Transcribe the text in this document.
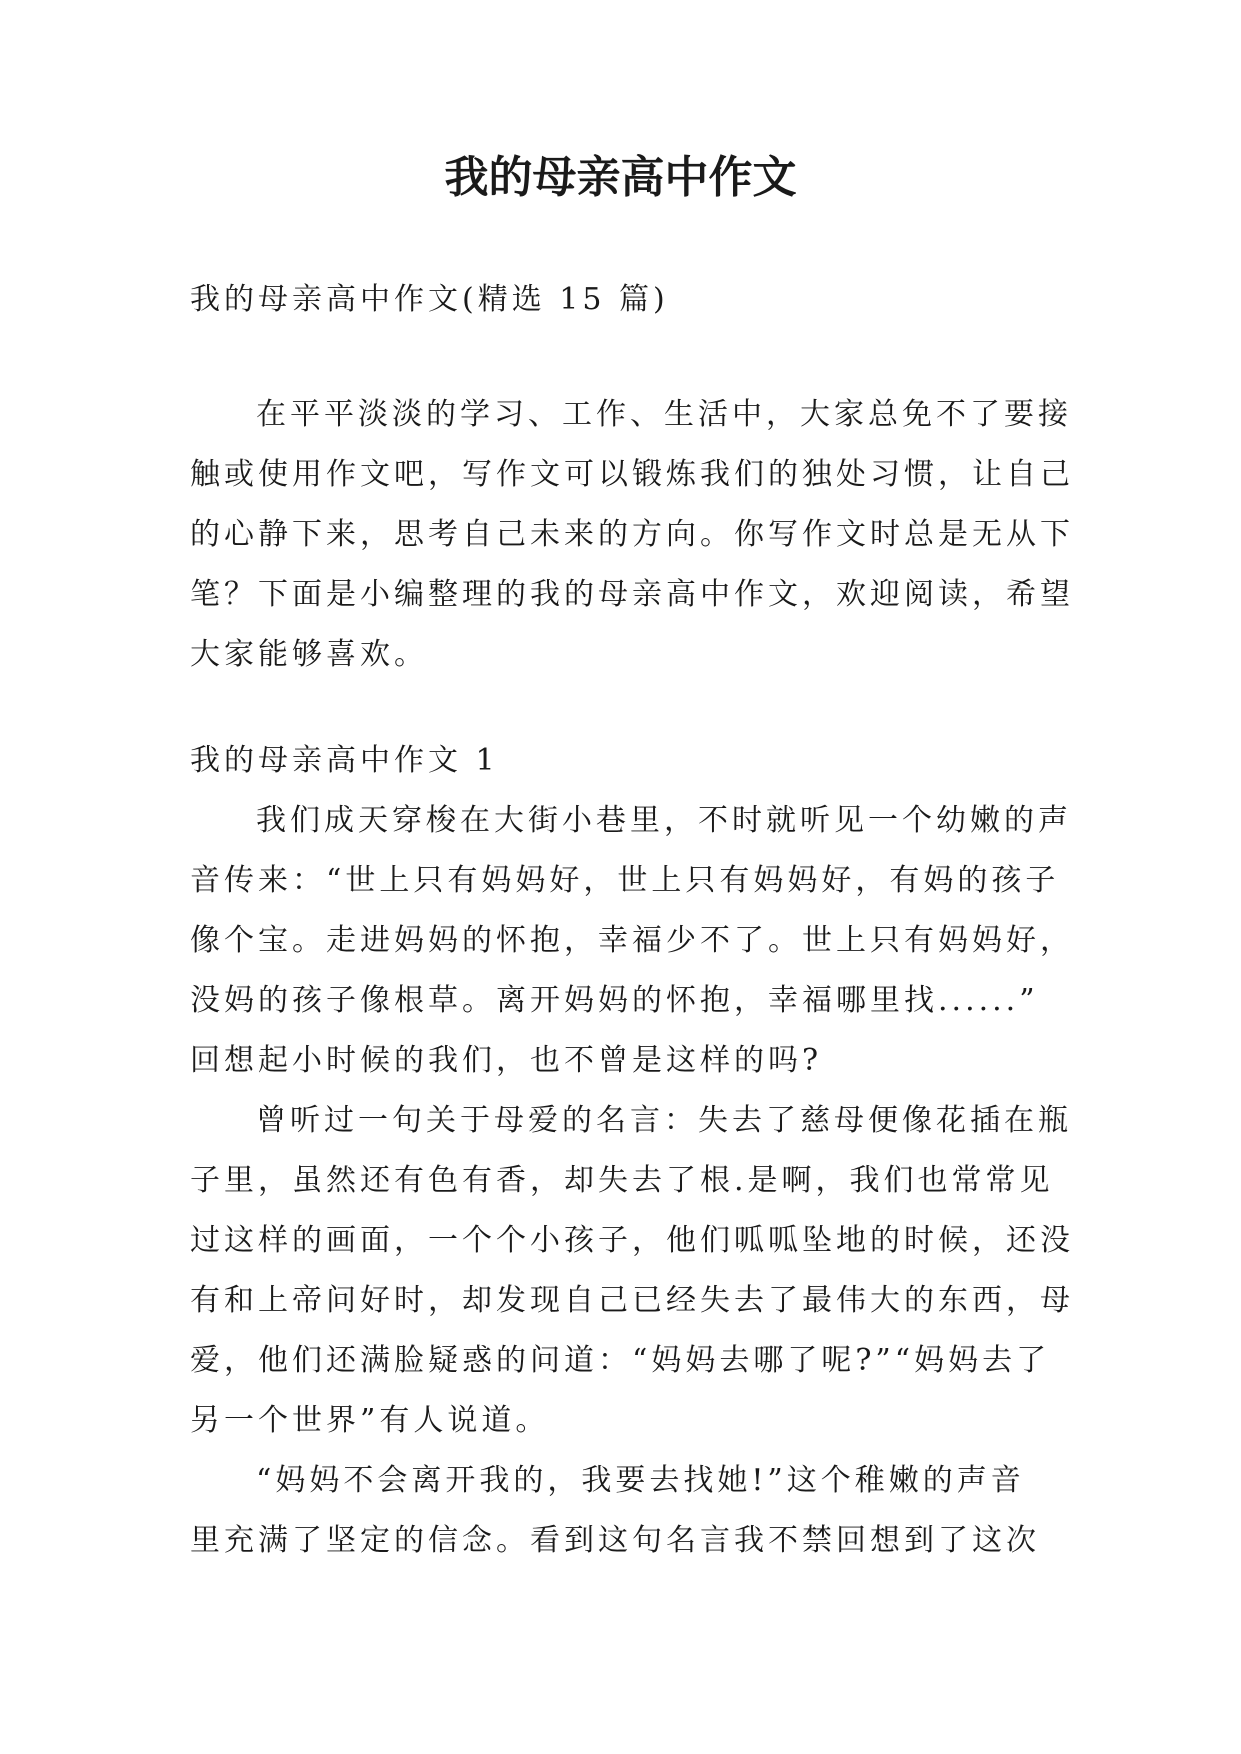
我的母亲高中作文

我的母亲高中作文(精选 15 篇)

在平平淡淡的学习、工作、生活中，大家总免不了要接

触或使用作文吧，写作文可以锻炼我们的独处习惯，让自己

的心静下来，思考自己未来的方向。你写作文时总是无从下

笔？下面是小编整理的我的母亲高中作文，欢迎阅读，希望

大家能够喜欢。

我的母亲高中作文 1

我们成天穿梭在大街小巷里，不时就听见一个幼嫩的声

音传来：“世上只有妈妈好，世上只有妈妈好，有妈的孩子

像个宝。走进妈妈的怀抱，幸福少不了。世上只有妈妈好，

没妈的孩子像根草。离开妈妈的怀抱，幸福哪里找......”

回想起小时候的我们，也不曾是这样的吗?

曾听过一句关于母爱的名言：失去了慈母便像花插在瓶

子里，虽然还有色有香，却失去了根.是啊，我们也常常见

过这样的画面，一个个小孩子，他们呱呱坠地的时候，还没

有和上帝问好时，却发现自己已经失去了最伟大的东西，母

爱，他们还满脸疑惑的问道：“妈妈去哪了呢?”“妈妈去了

另一个世界”有人说道。

“妈妈不会离开我的，我要去找她!”这个稚嫩的声音

里充满了坚定的信念。看到这句名言我不禁回想到了这次
